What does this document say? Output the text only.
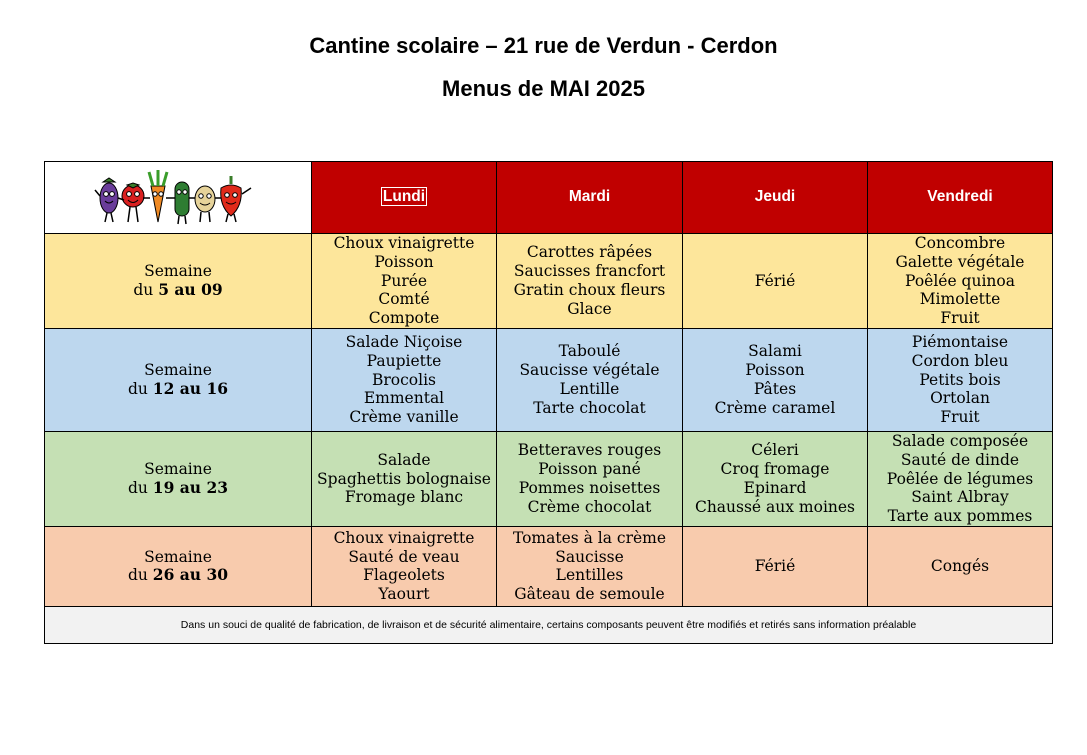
Cantine scolaire – 21 rue de Verdun - Cerdon
Menus de MAI 2025
	Lundi	Mardi	Jeudi	Vendredi

Semaine
du 5 au 09	Choux vinaigrette
Poisson
Purée
Comté
Compote	Carottes râpées
Saucisses francfort
Gratin choux fleurs
Glace	Férié	Concombre
Galette végétale
Poêlée quinoa
Mimolette
Fruit

Semaine
du 12 au 16	Salade Niçoise
Paupiette
Brocolis
Emmental
Crème vanille	Taboulé
Saucisse végétale
Lentille
Tarte chocolat	Salami
Poisson
Pâtes
Crème caramel	Piémontaise
Cordon bleu
Petits bois
Ortolan
Fruit

Semaine
du 19 au 23	Salade
Spaghettis bolognaise
Fromage blanc	Betteraves rouges
Poisson pané
Pommes noisettes
Crème chocolat	Céleri
Croq fromage
Epinard
Chaussé aux moines	Salade composée
Sauté de dinde
Poêlée de légumes
Saint Albray
Tarte aux pommes

Semaine
du 26 au 30	Choux vinaigrette
Sauté de veau
Flageolets
Yaourt	Tomates à la crème
Saucisse
Lentilles
Gâteau de semoule	Férié	Congés

Dans un souci de qualité de fabrication, de livraison et de sécurité alimentaire, certains composants peuvent être modifiés et retirés sans information préalable				
